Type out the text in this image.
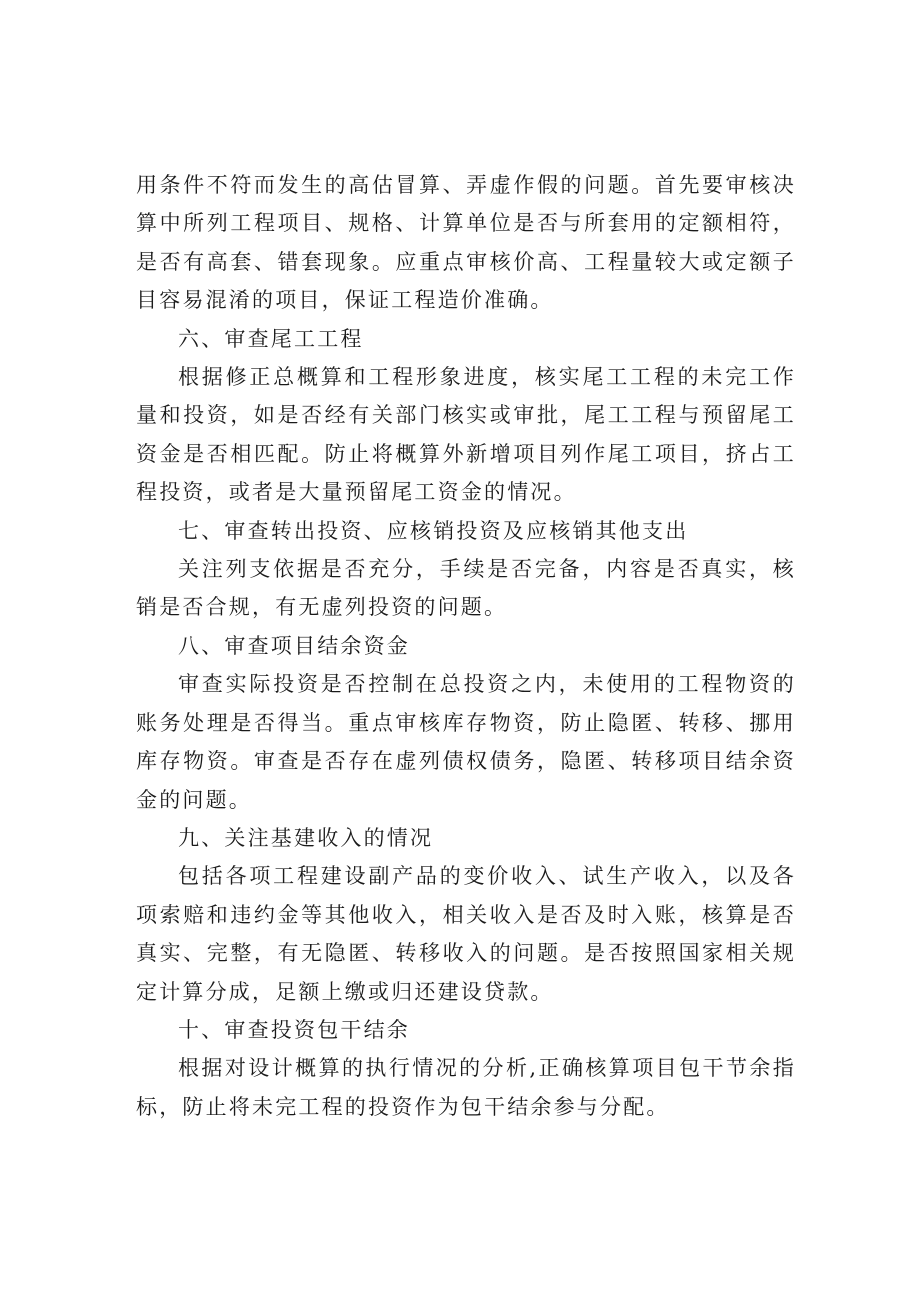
用条件不符而发生的高估冒算、弄虚作假的问题。首先要审核决算中所列工程项目、规格、计算单位是否与所套用的定额相符，是否有高套、错套现象。应重点审核价高、工程量较大或定额子目容易混淆的项目，保证工程造价准确。

六、审查尾工工程

根据修正总概算和工程形象进度，核实尾工工程的未完工作量和投资，如是否经有关部门核实或审批，尾工工程与预留尾工资金是否相匹配。防止将概算外新增项目列作尾工项目，挤占工程投资，或者是大量预留尾工资金的情况。

七、审查转出投资、应核销投资及应核销其他支出

关注列支依据是否充分，手续是否完备，内容是否真实，核销是否合规，有无虚列投资的问题。

八、审查项目结余资金

审查实际投资是否控制在总投资之内，未使用的工程物资的账务处理是否得当。重点审核库存物资，防止隐匿、转移、挪用库存物资。审查是否存在虚列债权债务，隐匿、转移项目结余资金的问题。

九、关注基建收入的情况

包括各项工程建设副产品的变价收入、试生产收入，以及各项索赔和违约金等其他收入，相关收入是否及时入账，核算是否真实、完整，有无隐匿、转移收入的问题。是否按照国家相关规定计算分成，足额上缴或归还建设贷款。

十、审查投资包干结余

根据对设计概算的执行情况的分析,正确核算项目包干节余指标，防止将未完工程的投资作为包干结余参与分配。
